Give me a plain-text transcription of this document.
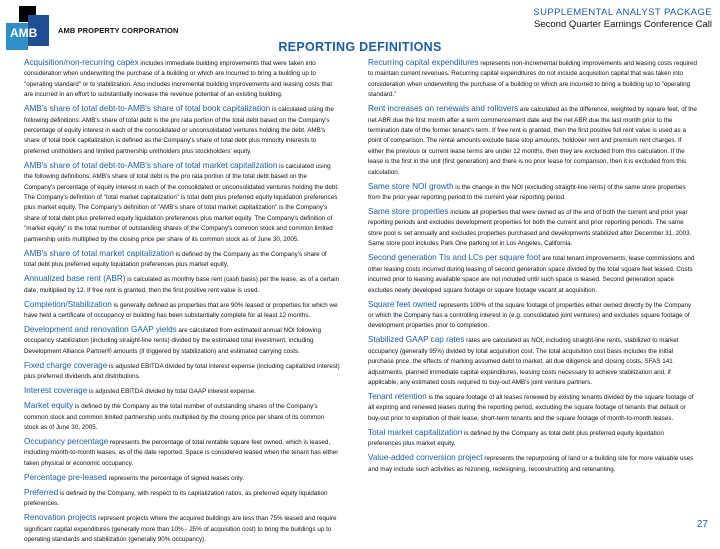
AMB	AMB PROPERTY CORPORATION
SUPPLEMENTAL ANALYST PACKAGE
Second Quarter Earnings Conference Call
REPORTING DEFINITIONS

Acquisition/non-recurring capex includes immediate building improvements that were taken into consideration when underwriting the purchase of a building or which are incurred to bring a building up to "operating standard" or to stabilization. Also includes incremental building improvements and leasing costs that are incurred in an effort to substantially increase the revenue potential of an existing building.

AMB's share of total debt-to-AMB's share of total book capitalization is calculated using the following definitions: AMB's share of total debt is the pro rata portion of the total debt based on the Company's percentage of equity interest in each of the consolidated or unconsolidated ventures holding the debt. AMB's share of total book capitalization is defined as the Company's share of total debt plus minority interests to preferred unitholders and limited partnership unitholders plus stockholders' equity.

AMB's share of total debt-to-AMB's share of total market capitalization is calculated using the following definitions: AMB's share of total debt is the pro rata portion of the total debt based on the Company's percentage of equity interest in each of the consolidated or unconsolidated ventures holding the debt. The Company's definition of "total market capitalization" is total debt plus preferred equity liquidation preferences plus market equity. The Company's definition of "AMB's share of total market capitalization" is the Company's share of total debt plus preferred equity liquidation preferences plus market equity. The Company's definition of "market equity" is the total number of outstanding shares of the Company's common stock and common limited partnership units multiplied by the closing price per share of its common stock as of June 30, 2005.

AMB's share of total market capitalization is defined by the Company as the Company's share of total debt plus preferred equity liquidation preferences plus market equity.

Annualized base rent (ABR) is calculated as monthly base rent (cash basis) per the lease, as of a certain date, multiplied by 12. If free rent is granted, then the first positive rent value is used.

Completion/Stabilization is generally defined as properties that are 90% leased or properties for which we have held a certificate of occupancy or building has been substantially complete for at least 12 months.

Development and renovation GAAP yields are calculated from estimated annual NOI following occupancy stabilization (including straight-line rents) divided by the estimated total investment, including Development Alliance Partner® amounts (if triggered by stabilization) and estimated carrying costs.

Fixed charge coverage is adjusted EBITDA divided by total interest expense (including capitalized interest) plus preferred dividends and distributions.

Interest coverage is adjusted EBITDA divided by total GAAP interest expense.

Market equity is defined by the Company as the total number of outstanding shares of the Company's common stock and common limited partnership units multiplied by the closing price per share of its common stock as of June 30, 2005.

Occupancy percentage represents the percentage of total rentable square feet owned, which is leased, including month-to-month leases, as of the date reported. Space is considered leased when the tenant has either taken physical or economic occupancy.

Percentage pre-leased represents the percentage of signed leases only.

Preferred is defined by the Company, with respect to its capitalization ratios, as preferred equity liquidation preferences.

Renovation projects represent projects where the acquired buildings are less than 75% leased and require significant capital expenditures (generally more than 10% - 25% of acquisition cost) to bring the buildings up to operating standards and stabilization (generally 90% occupancy).

Recurring capital expenditures represents non-incremental building improvements and leasing costs required to maintain current revenues. Recurring capital expenditures do not include acquisition capital that was taken into consideration when underwriting the purchase of a building or which are incurred to bring a building up to "operating standard."

Rent increases on renewals and rollovers are calculated as the difference, weighted by square feet, of the net ABR due the first month after a term commencement date and the net ABR due the last month prior to the termination date of the former tenant's term. If free rent is granted, then the first positive full rent value is used as a point of comparison. The rental amounts exclude base stop amounts, holdover rent and premium rent charges. If either the previous or current lease terms are under 12 months, then they are excluded from this calculation. If the lease is the first in the unit (first generation) and there is no prior lease for comparison, then it is excluded from this calculation.

Same store NOI growth is the change in the NOI (excluding straight-line rents) of the same store properties from the prior year reporting period to the current year reporting period.

Same store properties include all properties that were owned as of the end of both the current and prior year reporting periods and excludes development properties for both the current and prior reporting periods. The same store pool is set annually and excludes properties purchased and developments stabilized after December 31, 2003. Same store pool includes Park One parking lot in Los Angeles, California.

Second generation TIs and LCs per square foot are total tenant improvements, lease commissions and other leasing costs incurred during leasing of second generation space divided by the total square feet leased. Costs incurred prior to leasing available space are not included until such space is leased. Second generation space excludes newly developed square footage or square footage vacant at acquisition.

Square feet owned represents 100% of the square footage of properties either owned directly by the Company or which the Company has a controlling interest in (e.g. consolidated joint ventures) and excludes square footage of development properties prior to completion.

Stabilized GAAP cap rates rates are calculated as NOI, including straight-line rents, stabilized to market occupancy (generally 95%) divided by total acquisition cost. The total acquisition cost basis includes the initial purchase price, the effects of marking assumed debt to market, all due diligence and closing costs, SFAS 141 adjustments, planned immediate capital expenditures, leasing costs necessary to achieve stabilization and, if applicable, any estimated costs required to buy-out AMB's joint venture partners.

Tenant retention is the square footage of all leases renewed by existing tenants divided by the square footage of all expiring and renewed leases during the reporting period, excluding the square footage of tenants that default or buy-out prior to expiration of their lease, short-term tenants and the square footage of month-to-month leases.

Total market capitalization is defined by the Company as total debt plus preferred equity liquidation preferences plus market equity.

Value-added conversion project represents the repurposing of land or a building site for more valuable uses and may include such activities as rezoning, redesigning, reconstructing and retenanting.

27
